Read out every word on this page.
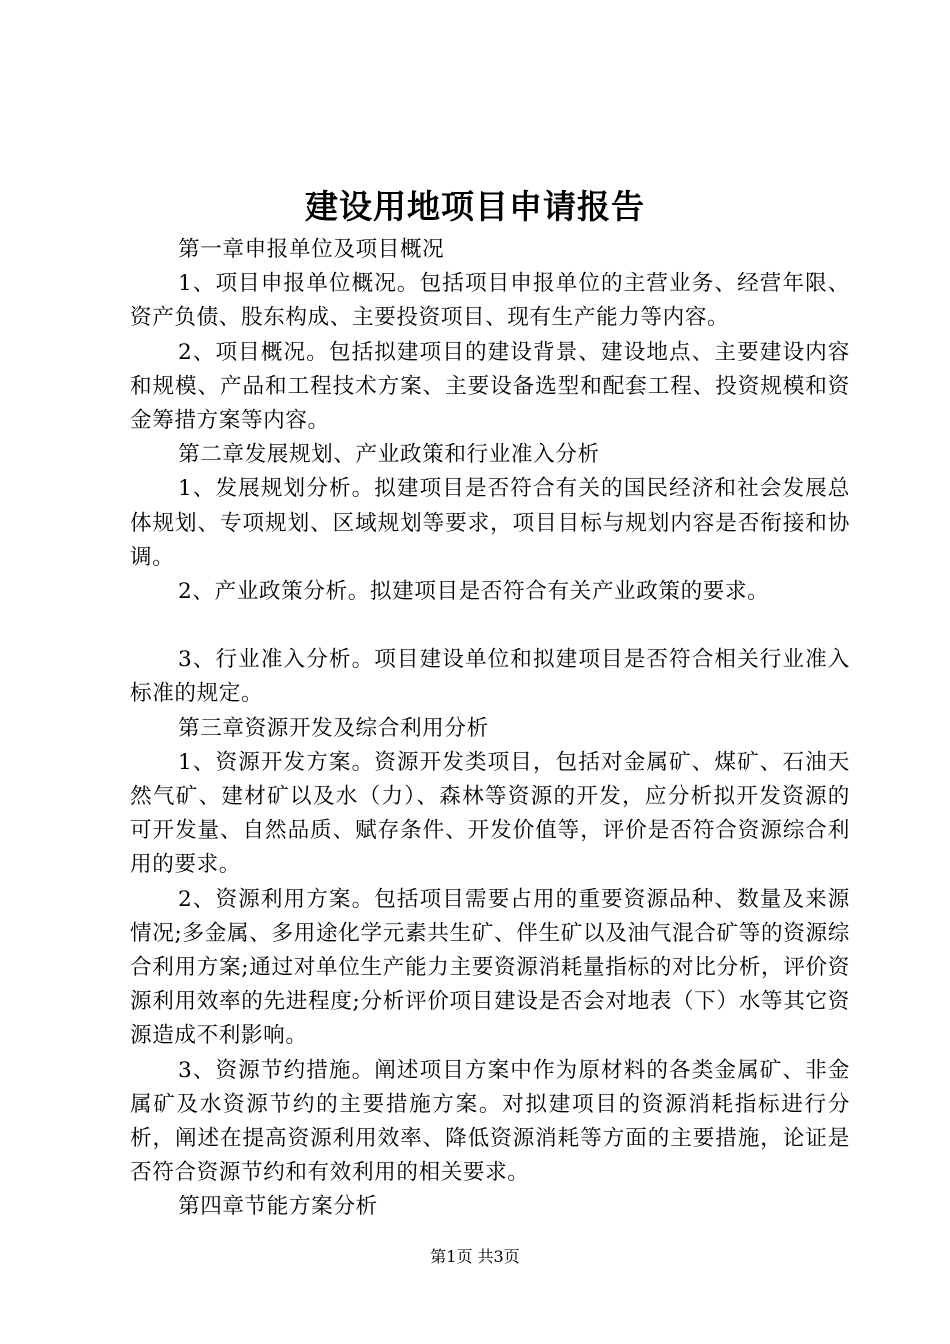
建设用地项目申请报告

第一章申报单位及项目概况

1、项目申报单位概况。包括项目申报单位的主营业务、经营年限、资产负债、股东构成、主要投资项目、现有生产能力等内容。

2、项目概况。包括拟建项目的建设背景、建设地点、主要建设内容和规模、产品和工程技术方案、主要设备选型和配套工程、投资规模和资金筹措方案等内容。

第二章发展规划、产业政策和行业准入分析

1、发展规划分析。拟建项目是否符合有关的国民经济和社会发展总体规划、专项规划、区域规划等要求，项目目标与规划内容是否衔接和协调。

2、产业政策分析。拟建项目是否符合有关产业政策的要求。

3、行业准入分析。项目建设单位和拟建项目是否符合相关行业准入标准的规定。

第三章资源开发及综合利用分析

1、资源开发方案。资源开发类项目，包括对金属矿、煤矿、石油天然气矿、建材矿以及水（力）、森林等资源的开发，应分析拟开发资源的可开发量、自然品质、赋存条件、开发价值等，评价是否符合资源综合利用的要求。

2、资源利用方案。包括项目需要占用的重要资源品种、数量及来源情况;多金属、多用途化学元素共生矿、伴生矿以及油气混合矿等的资源综合利用方案;通过对单位生产能力主要资源消耗量指标的对比分析，评价资源利用效率的先进程度;分析评价项目建设是否会对地表（下）水等其它资源造成不利影响。

3、资源节约措施。阐述项目方案中作为原材料的各类金属矿、非金属矿及水资源节约的主要措施方案。对拟建项目的资源消耗指标进行分析，阐述在提高资源利用效率、降低资源消耗等方面的主要措施，论证是否符合资源节约和有效利用的相关要求。

第四章节能方案分析

第1页 共3页
